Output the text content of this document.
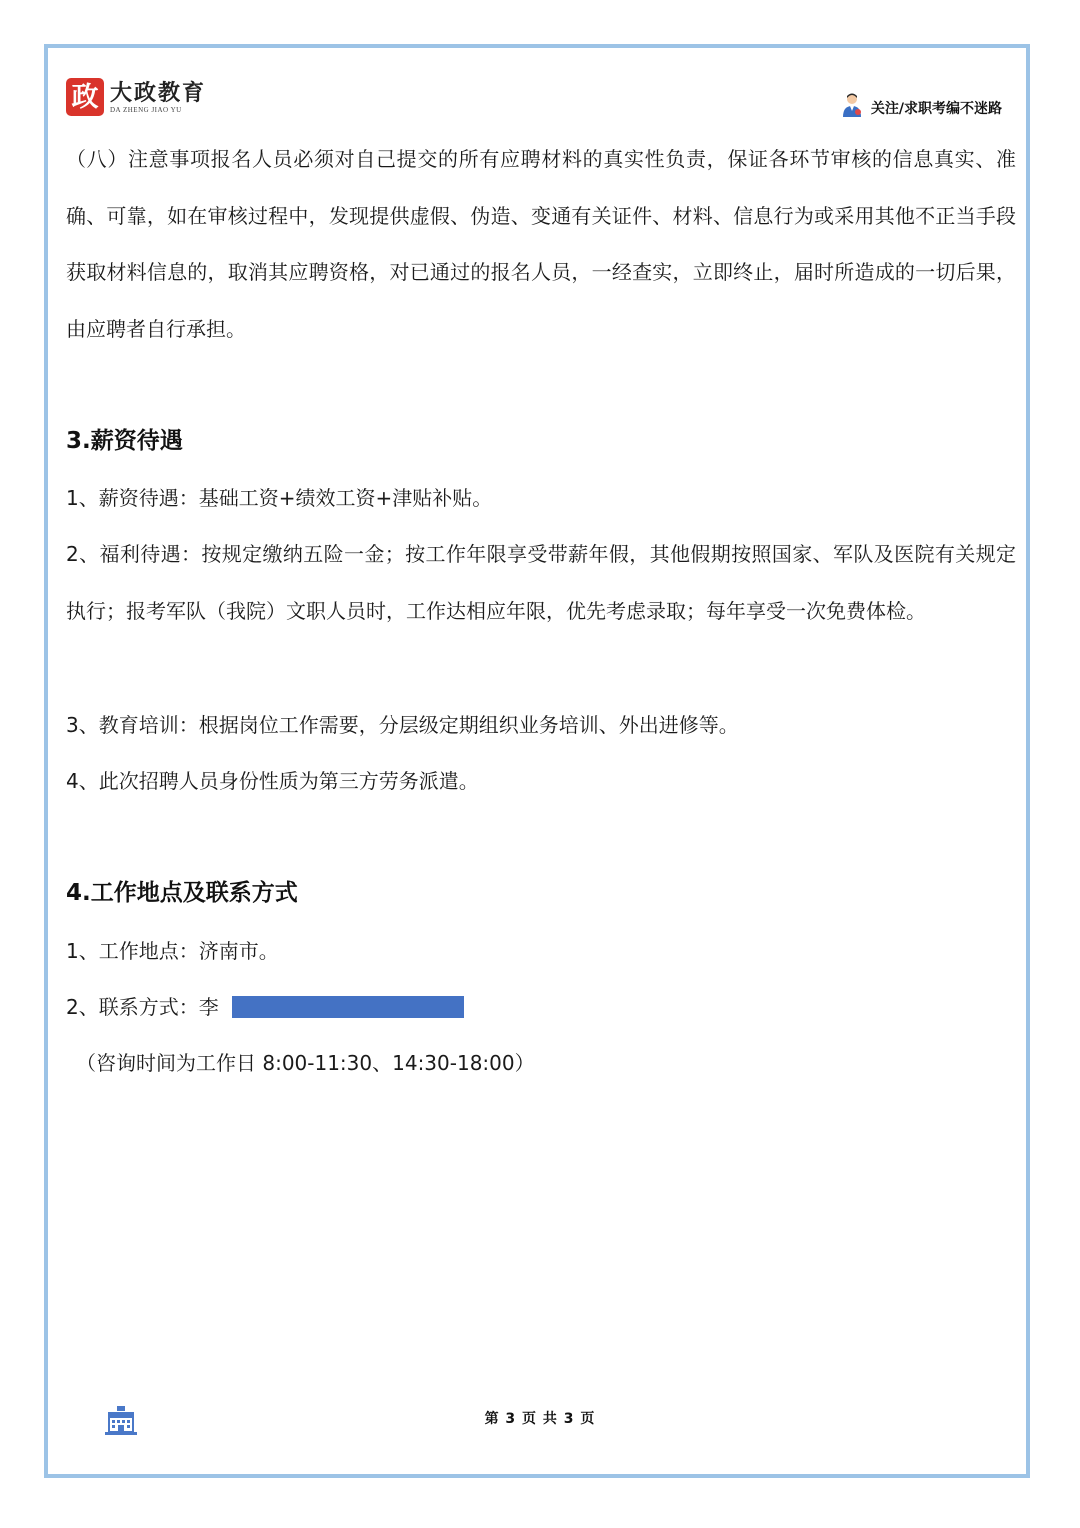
政 大政教育
DA ZHENG JIAO YU	关注/求职考编不迷路
（八）注意事项报名人员必须对自己提交的所有应聘材料的真实性负责，保证各环节审核的信息真实、准确、可靠，如在审核过程中，发现提供虚假、伪造、变通有关证件、材料、信息行为或采用其他不正当手段获取材料信息的，取消其应聘资格，对已通过的报名人员，一经查实，立即终止，届时所造成的一切后果，由应聘者自行承担。
3.薪资待遇
1、薪资待遇：基础工资+绩效工资+津贴补贴。
2、福利待遇：按规定缴纳五险一金；按工作年限享受带薪年假，其他假期按照国家、军队及医院有关规定执行；报考军队（我院）文职人员时，工作达相应年限，优先考虑录取；每年享受一次免费体检。
3、教育培训：根据岗位工作需要，分层级定期组织业务培训、外出进修等。
4、此次招聘人员身份性质为第三方劳务派遣。
4.工作地点及联系方式
1、工作地点：济南市。
2、联系方式：李
（咨询时间为工作日 8:00-11:30、14:30-18:00）
第 3 页 共 3 页
